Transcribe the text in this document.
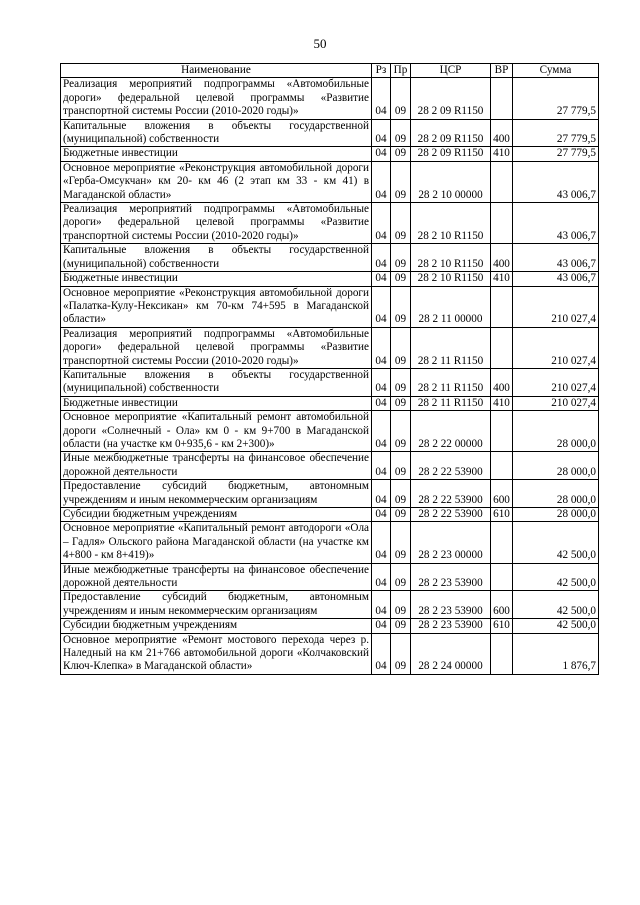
50
Наименование	Рз	Пр	ЦСР	ВР	Сумма
Реализация мероприятий подпрограммы «Автомобильные дороги» федеральной целевой программы «Развитие транспортной системы России (2010-2020 годы)»	04	09	28 2 09 R1150		27 779,5
Капитальные вложения в объекты государственной (муниципальной) собственности	04	09	28 2 09 R1150	400	27 779,5
Бюджетные инвестиции	04	09	28 2 09 R1150	410	27 779,5
Основное мероприятие «Реконструкция автомобильной дороги «Герба-Омсукчан» км 20- км 46 (2 этап км 33 - км 41) в Магаданской области»	04	09	28 2 10 00000		43 006,7
Реализация мероприятий подпрограммы «Автомобильные дороги» федеральной целевой программы «Развитие транспортной системы России (2010-2020 годы)»	04	09	28 2 10 R1150		43 006,7
Капитальные вложения в объекты государственной (муниципальной) собственности	04	09	28 2 10 R1150	400	43 006,7
Бюджетные инвестиции	04	09	28 2 10 R1150	410	43 006,7
Основное мероприятие «Реконструкция автомобильной дороги «Палатка-Кулу-Нексикан» км 70-км 74+595 в Магаданской области»	04	09	28 2 11 00000		210 027,4
Реализация мероприятий подпрограммы «Автомобильные дороги» федеральной целевой программы «Развитие транспортной системы России (2010-2020 годы)»	04	09	28 2 11 R1150		210 027,4
Капитальные вложения в объекты государственной (муниципальной) собственности	04	09	28 2 11 R1150	400	210 027,4
Бюджетные инвестиции	04	09	28 2 11 R1150	410	210 027,4
Основное мероприятие «Капитальный ремонт автомобильной дороги «Солнечный - Ола» км 0 - км 9+700 в Магаданской области (на участке км 0+935,6 - км 2+300)»	04	09	28 2 22 00000		28 000,0
Иные межбюджетные трансферты на финансовое обеспечение дорожной деятельности	04	09	28 2 22 53900		28 000,0
Предоставление субсидий бюджетным, автономным учреждениям и иным некоммерческим организациям	04	09	28 2 22 53900	600	28 000,0
Субсидии бюджетным учреждениям	04	09	28 2 22 53900	610	28 000,0
Основное мероприятие «Капитальный ремонт автодороги «Ола – Гадля» Ольского района Магаданской области (на участке км 4+800 - км 8+419)»	04	09	28 2 23 00000		42 500,0
Иные межбюджетные трансферты на финансовое обеспечение дорожной деятельности	04	09	28 2 23 53900		42 500,0
Предоставление субсидий бюджетным, автономным учреждениям и иным некоммерческим организациям	04	09	28 2 23 53900	600	42 500,0
Субсидии бюджетным учреждениям	04	09	28 2 23 53900	610	42 500,0
Основное мероприятие «Ремонт мостового перехода через р. Наледный на км 21+766 автомобильной дороги «Колчаковский Ключ-Клепка» в Магаданской области»	04	09	28 2 24 00000		1 876,7
